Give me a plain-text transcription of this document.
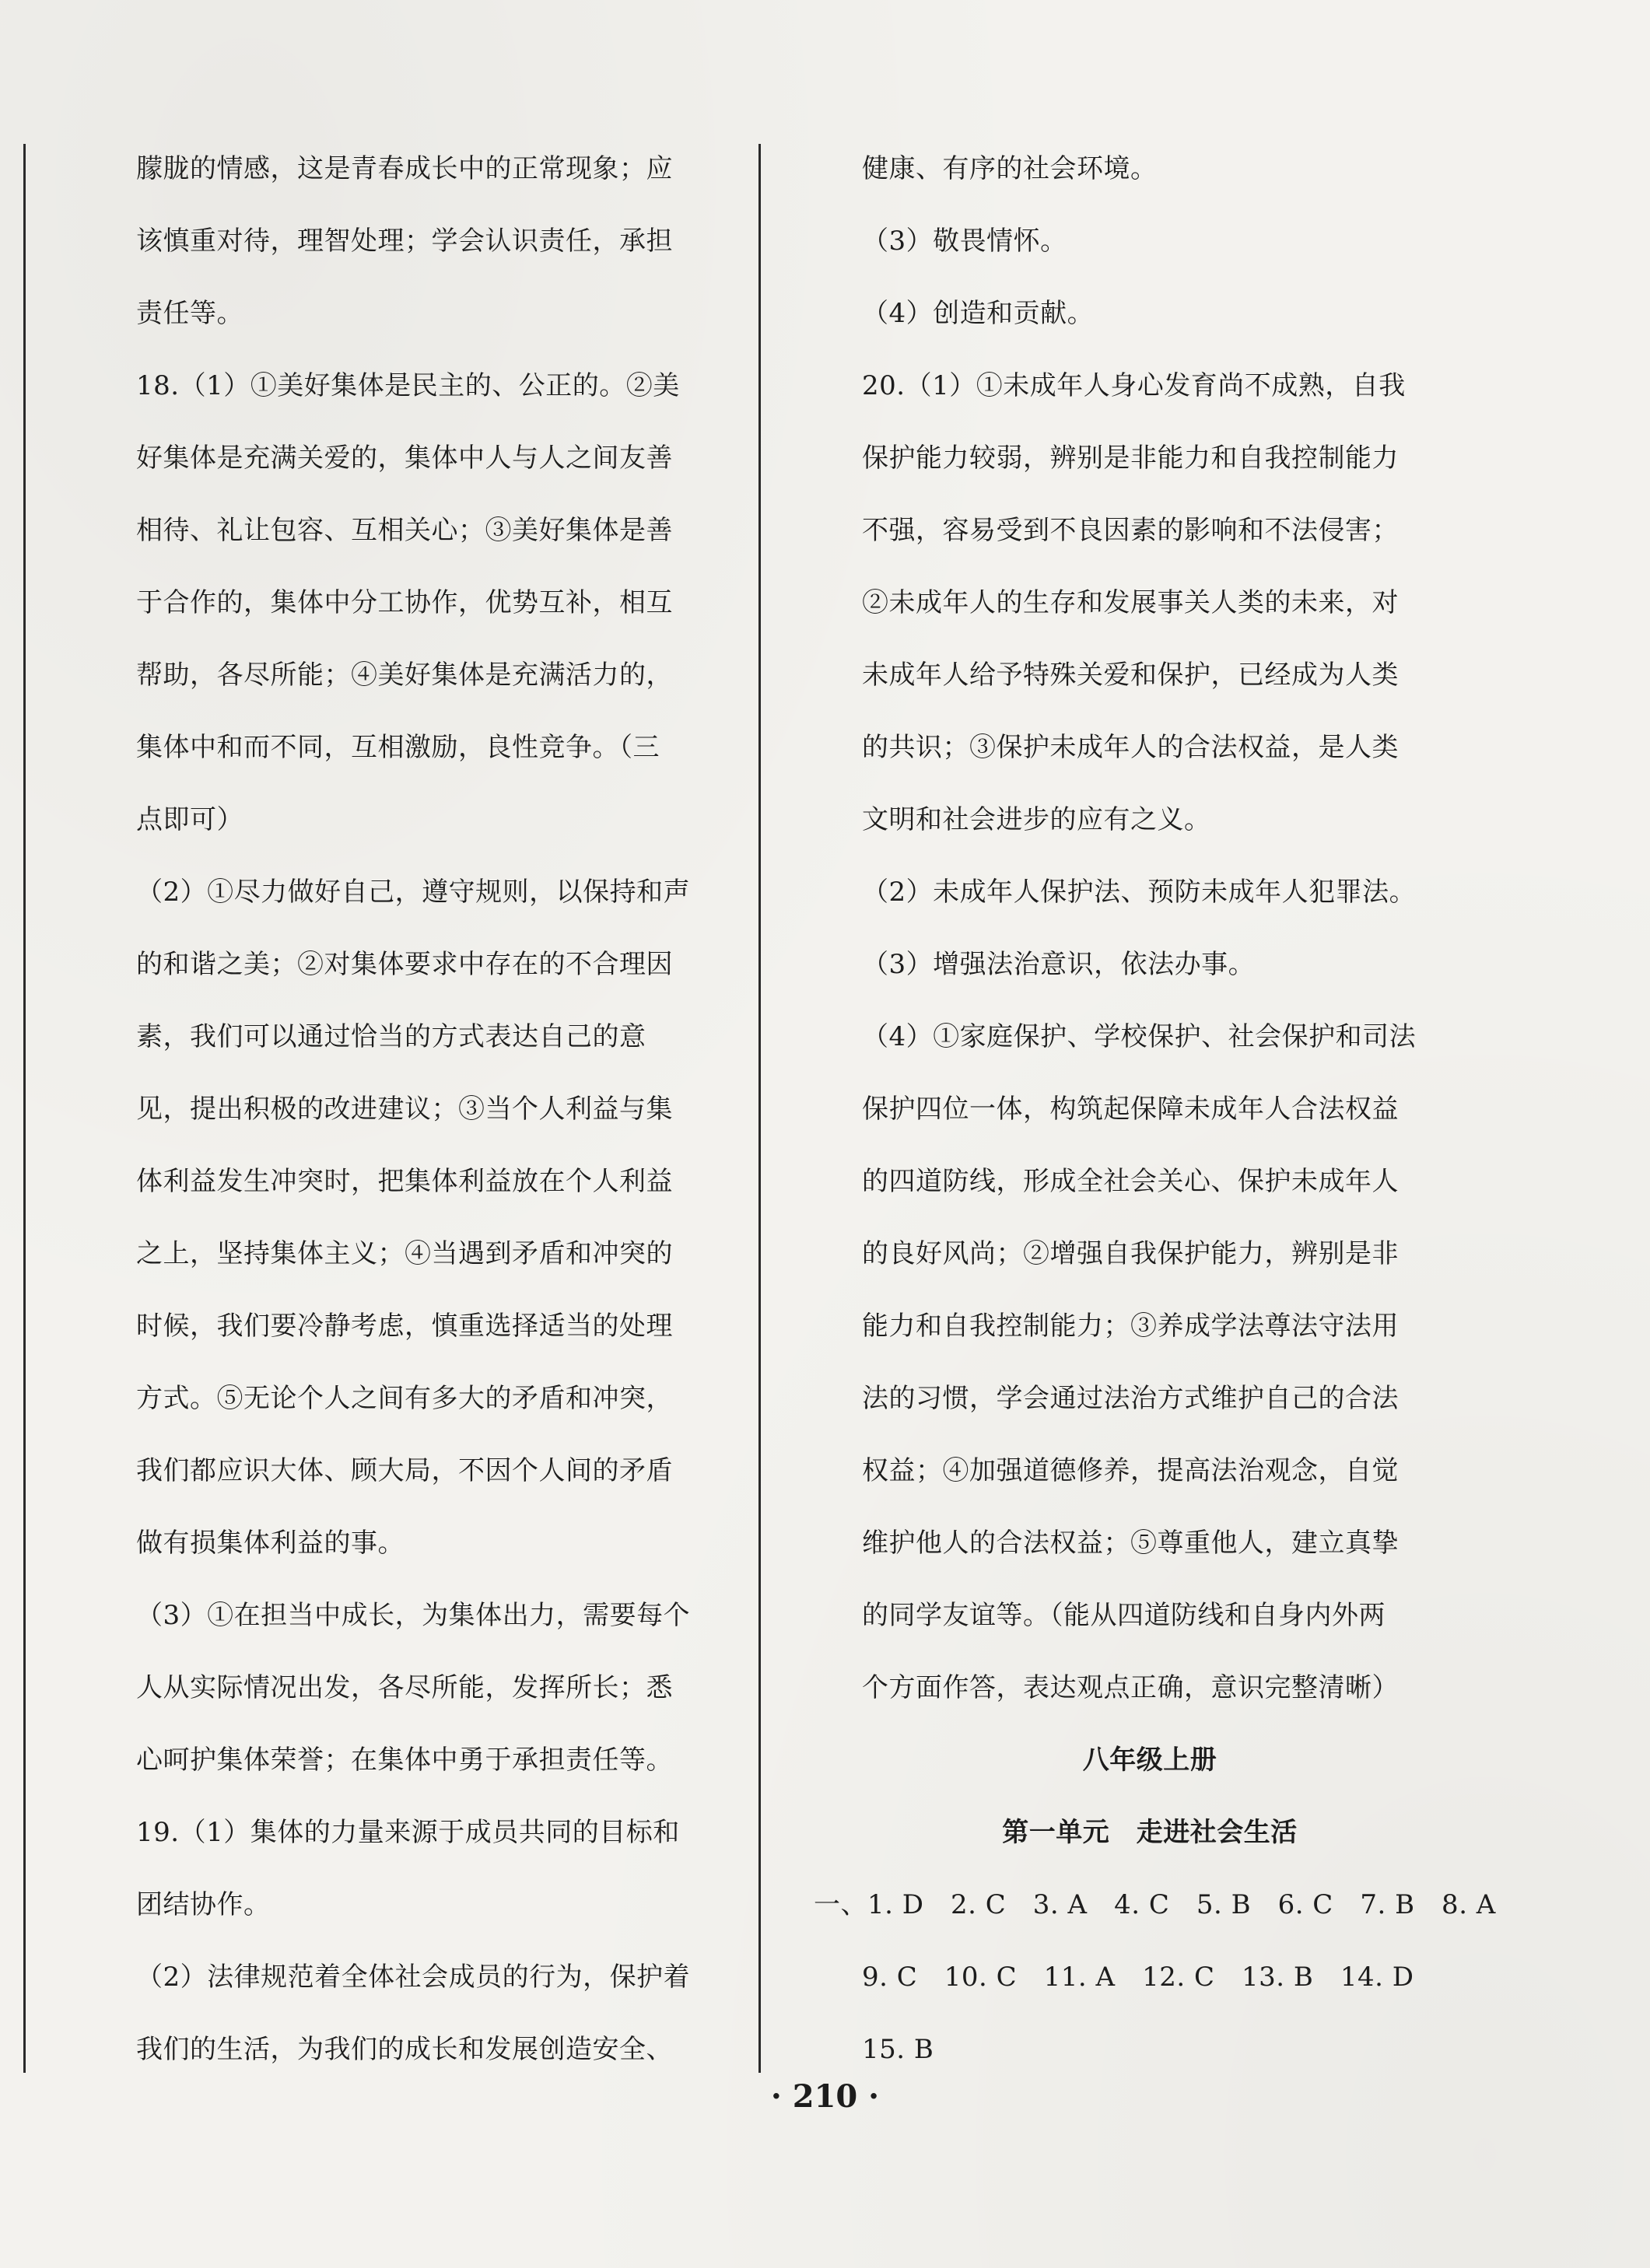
朦胧的情感，这是青春成长中的正常现象；应

该慎重对待，理智处理；学会认识责任，承担

责任等。

18.（1）①美好集体是民主的、公正的。②美

好集体是充满关爱的，集体中人与人之间友善

相待、礼让包容、互相关心；③美好集体是善

于合作的，集体中分工协作，优势互补，相互

帮助，各尽所能；④美好集体是充满活力的，

集体中和而不同，互相激励，良性竞争。（三

点即可）

（2）①尽力做好自己，遵守规则，以保持和声

的和谐之美；②对集体要求中存在的不合理因

素，我们可以通过恰当的方式表达自己的意

见，提出积极的改进建议；③当个人利益与集

体利益发生冲突时，把集体利益放在个人利益

之上，坚持集体主义；④当遇到矛盾和冲突的

时候，我们要冷静考虑，慎重选择适当的处理

方式。⑤无论个人之间有多大的矛盾和冲突，

我们都应识大体、顾大局，不因个人间的矛盾

做有损集体利益的事。

（3）①在担当中成长，为集体出力，需要每个

人从实际情况出发，各尽所能，发挥所长；悉

心呵护集体荣誉；在集体中勇于承担责任等。

19.（1）集体的力量来源于成员共同的目标和

团结协作。

（2）法律规范着全体社会成员的行为，保护着

我们的生活，为我们的成长和发展创造安全、

健康、有序的社会环境。

（3）敬畏情怀。

（4）创造和贡献。

20.（1）①未成年人身心发育尚不成熟，自我

保护能力较弱，辨别是非能力和自我控制能力

不强，容易受到不良因素的影响和不法侵害；

②未成年人的生存和发展事关人类的未来，对

未成年人给予特殊关爱和保护，已经成为人类

的共识；③保护未成年人的合法权益，是人类

文明和社会进步的应有之义。

（2）未成年人保护法、预防未成年人犯罪法。

（3）增强法治意识，依法办事。

（4）①家庭保护、学校保护、社会保护和司法

保护四位一体，构筑起保障未成年人合法权益

的四道防线，形成全社会关心、保护未成年人

的良好风尚；②增强自我保护能力，辨别是非

能力和自我控制能力；③养成学法尊法守法用

法的习惯，学会通过法治方式维护自己的合法

权益；④加强道德修养，提高法治观念，自觉

维护他人的合法权益；⑤尊重他人，建立真挚

的同学友谊等。（能从四道防线和自身内外两

个方面作答，表达观点正确，意识完整清晰）

八年级上册

第一单元　走进社会生活

一、1. D　2. C　3. A　4. C　5. B　6. C　7. B　8. A

9. C　10. C　11. A　12. C　13. B　14. D

15. B

· 210 ·
